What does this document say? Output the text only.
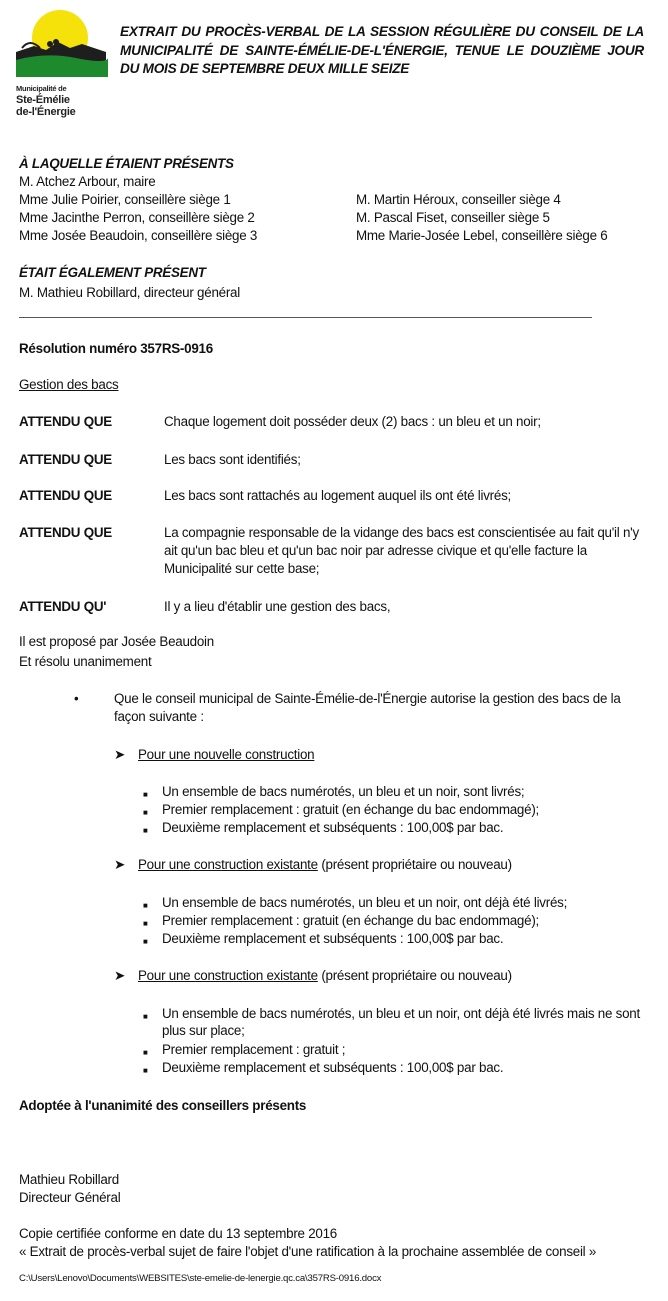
Municipalité de
Ste-Émélie
de-l'Énergie
EXTRAIT DU PROCÈS-VERBAL DE LA SESSION RÉGULIÈRE DU CONSEIL DE LA MUNICIPALITÉ DE SAINTE-ÉMÉLIE-DE-L'ÉNERGIE, TENUE LE DOUZIÈME JOUR DU MOIS DE SEPTEMBRE DEUX MILLE SEIZE
À LAQUELLE ÉTAIENT PRÉSENTS
M. Atchez Arbour, maire
Mme Julie Poirier, conseillère siège 1
Mme Jacinthe Perron, conseillère siège 2
Mme Josée Beaudoin, conseillère siège 3
M. Martin Héroux, conseiller siège 4
M. Pascal Fiset, conseiller siège 5
Mme Marie-Josée Lebel, conseillère siège 6
ÉTAIT ÉGALEMENT PRÉSENT
M. Mathieu Robillard, directeur général
Résolution numéro 357RS-0916
Gestion des bacs
ATTENDU QUE	Chaque logement doit posséder deux (2) bacs : un bleu et un noir;
ATTENDU QUE	Les bacs sont identifiés;
ATTENDU QUE	Les bacs sont rattachés au logement auquel ils ont été livrés;
ATTENDU QUE	La compagnie responsable de la vidange des bacs est conscientisée au fait qu'il n'y ait qu'un bac bleu et qu'un bac noir par adresse civique et qu'elle facture la Municipalité sur cette base;
ATTENDU QU'	Il y a lieu d'établir une gestion des bacs,
Il est proposé par Josée Beaudoin
Et résolu unanimement
•	Que le conseil municipal de Sainte-Émélie-de-l'Énergie autorise la gestion des bacs de la façon suivante :
➤ Pour une nouvelle construction
■ Un ensemble de bacs numérotés, un bleu et un noir, sont livrés;
■ Premier remplacement : gratuit (en échange du bac endommagé);
■ Deuxième remplacement et subséquents : 100,00$ par bac.
➤ Pour une construction existante (présent propriétaire ou nouveau)
■ Un ensemble de bacs numérotés, un bleu et un noir, ont déjà été livrés;
■ Premier remplacement : gratuit (en échange du bac endommagé);
■ Deuxième remplacement et subséquents : 100,00$ par bac.
➤ Pour une construction existante (présent propriétaire ou nouveau)
■ Un ensemble de bacs numérotés, un bleu et un noir, ont déjà été livrés mais ne sont plus sur place;
■ Premier remplacement : gratuit ;
■ Deuxième remplacement et subséquents : 100,00$ par bac.
Adoptée à l'unanimité des conseillers présents
Mathieu Robillard
Directeur Général
Copie certifiée conforme en date du 13 septembre 2016
« Extrait de procès-verbal sujet de faire l'objet d'une ratification à la prochaine assemblée de conseil »
C:\Users\Lenovo\Documents\WEBSITES\ste-emelie-de-lenergie.qc.ca\357RS-0916.docx
